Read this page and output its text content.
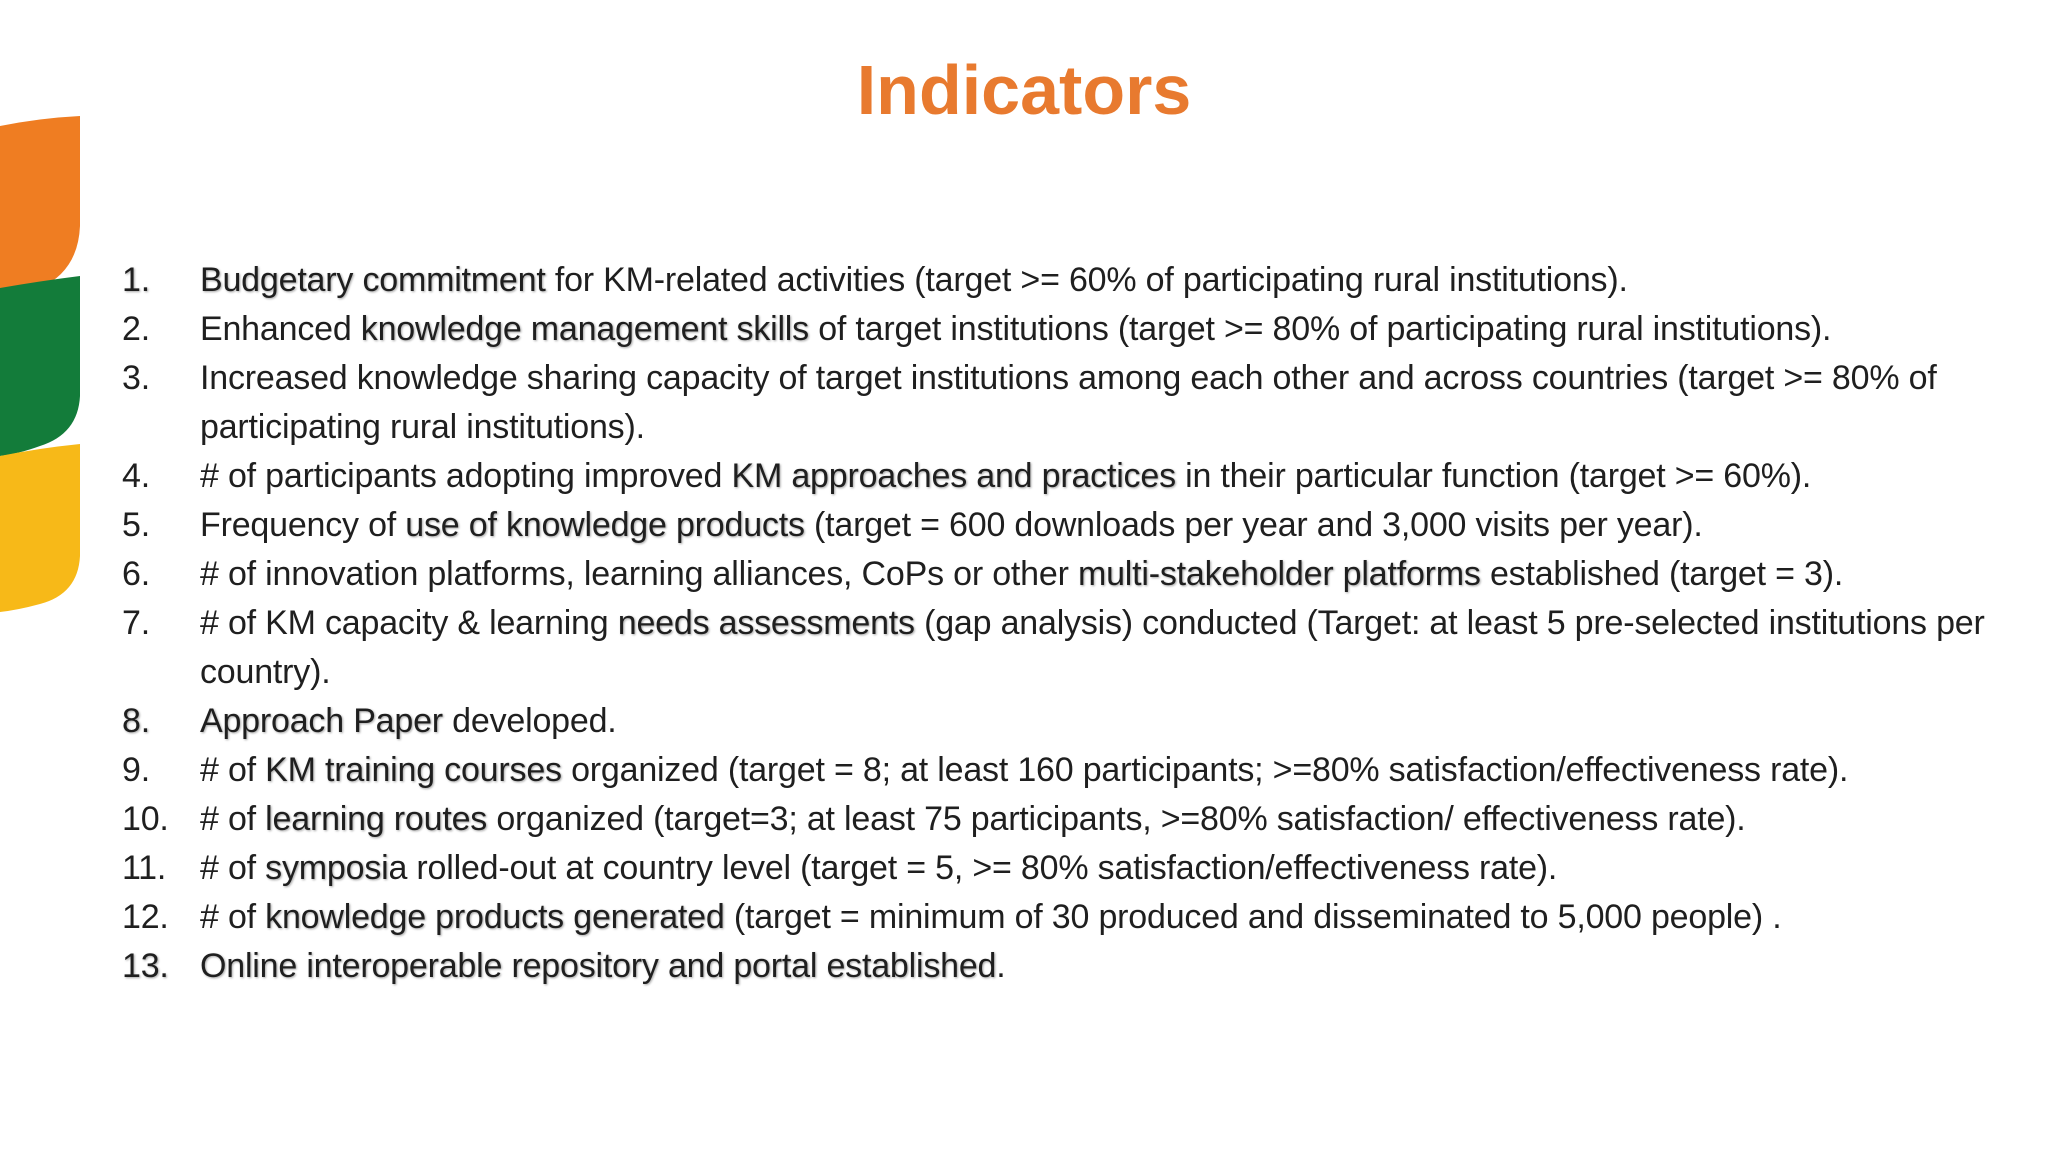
Indicators
1. Budgetary commitment for KM-related activities (target >= 60% of participating rural institutions).
2. Enhanced knowledge management skills of target institutions (target >= 80% of participating rural institutions).
3. Increased knowledge sharing capacity of target institutions among each other and across countries (target >= 80% of participating rural institutions).
4. # of participants adopting improved KM approaches and practices in their particular function (target >= 60%).
5. Frequency of use of knowledge products (target = 600 downloads per year and 3,000 visits per year).
6. # of innovation platforms, learning alliances, CoPs or other multi-stakeholder platforms established (target = 3).
7. # of KM capacity & learning needs assessments (gap analysis) conducted (Target: at least 5 pre-selected institutions per country).
8. Approach Paper developed.
9. # of KM training courses organized (target = 8; at least 160 participants; >=80% satisfaction/effectiveness rate).
10. # of learning routes organized (target=3; at least 75 participants, >=80% satisfaction/ effectiveness rate).
11. # of symposia rolled-out at country level (target = 5, >= 80% satisfaction/effectiveness rate).
12. # of knowledge products generated (target = minimum of 30 produced and disseminated to 5,000 people) .
13. Online interoperable repository and portal established.
